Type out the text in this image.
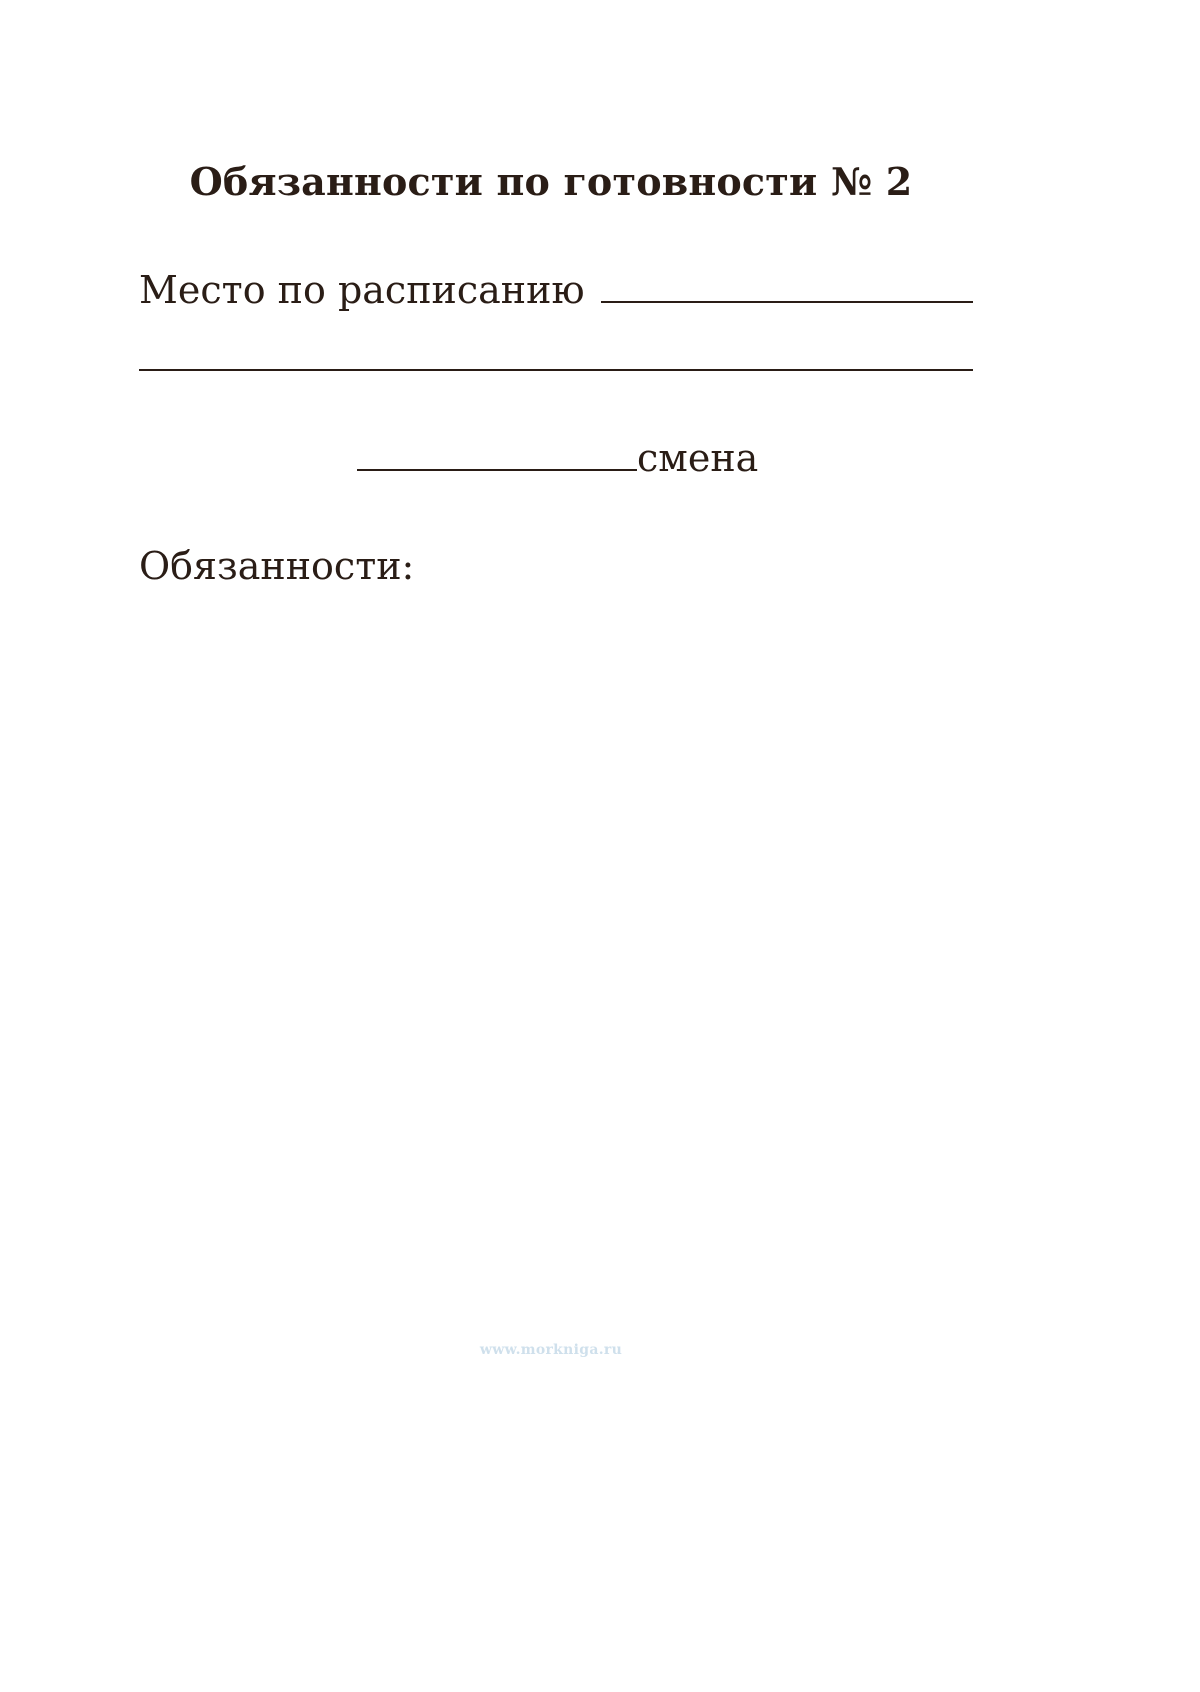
Обязанности по готовности № 2
Место по расписанию
смена
Обязанности:
www.morkniga.ru
